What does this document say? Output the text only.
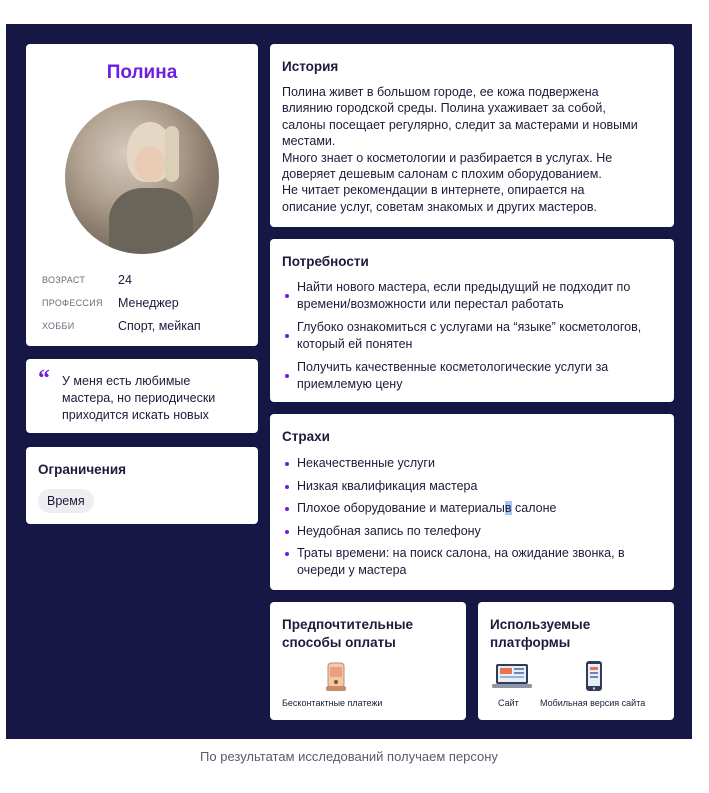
Полина
ВОЗРАСТ	24
ПРОФЕССИЯ	Менеджер
ХОББИ	Спорт, мейкап
“ У меня есть любимые
мастера, но периодически
приходится искать новых
Ограничения
Время
История
Полина живет в большом городе, ее кожа подвержена
влиянию городской среды. Полина ухаживает за собой,
салоны посещает регулярно, следит за мастерами и новыми
местами.
Много знает о косметологии и разбирается в услугах. Не
доверяет дешевым салонам с плохим оборудованием.
Не читает рекомендации в интернете, опирается на
описание услуг, советам знакомых и других мастеров.
Потребности
Найти нового мастера, если предыдущий не подходит по
времени/возможности или перестал работать
Глубоко ознакомиться с услугами на “языке” косметологов,
который ей понятен
Получить качественные косметологические услуги за
приемлемую цену
Страхи
Некачественные услуги
Низкая квалификация мастера
Плохое оборудование и материалыв салоне
Неудобная запись по телефону
Траты времени: на поиск салона, на ожидание звонка, в
очереди у мастера
Предпочтительные
способы оплаты
Бесконтактные платежи
Используемые
платформы
Сайт Мобильная версия сайта
По результатам исследований получаем персону
